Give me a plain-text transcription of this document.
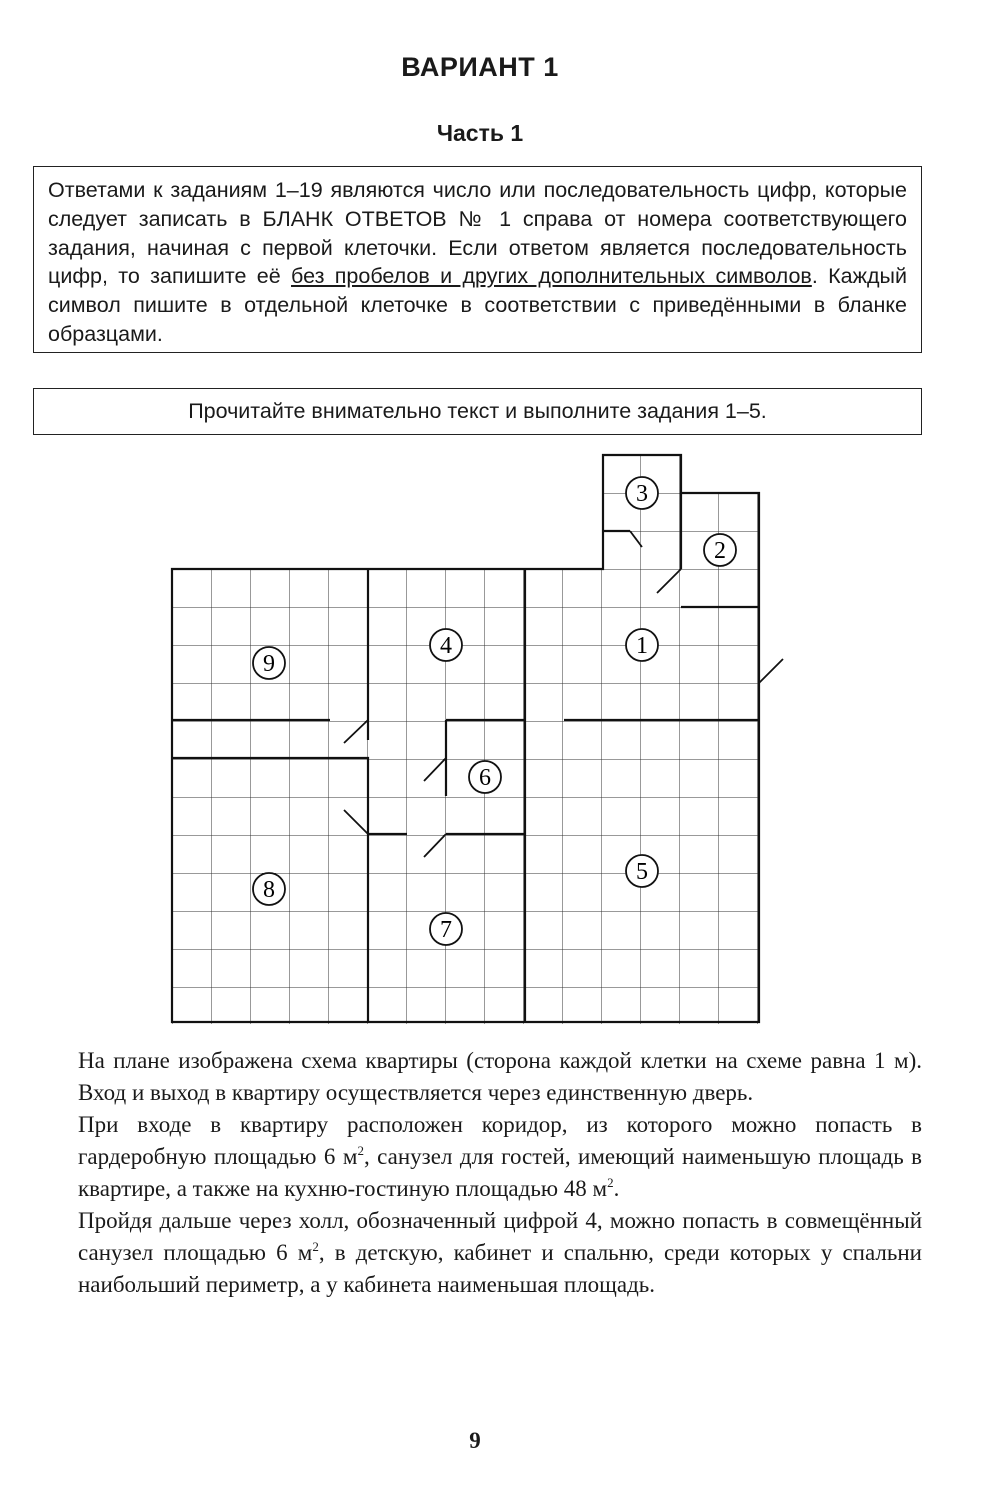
ВАРИАНТ 1
Часть 1
Ответами к заданиям 1–19 являются число или последовательность цифр, которые следует записать в БЛАНК ОТВЕТОВ № 1 справа от номера соответствующего задания, начиная с первой клеточки. Если ответом является последовательность цифр, то запишите её без пробелов и других дополнительных символов. Каждый символ пишите в отдельной клеточке в соответствии с приведёнными в бланке образцами.
Прочитайте внимательно текст и выполните задания 1–5.
3
2
4	1
9
6
5
8
7

На плане изображена схема квартиры (сторона каждой клетки на схеме равна 1 м). Вход и выход в квартиру осуществляется через единственную дверь.

При входе в квартиру расположен коридор, из которого можно попасть в гардеробную площадью 6 $м^2$, санузел для гостей, имеющий наименьшую площадь в квартире, а также на кухню-гостиную площадью 48 $м^2$.

Пройдя дальше через холл, обозначенный цифрой 4, можно попасть в совмещённый санузел площадью 6 $м^2$, в детскую, кабинет и спальню, среди которых у спальни наибольший периметр, а у кабинета наименьшая площадь.

9
